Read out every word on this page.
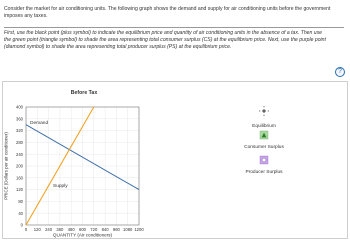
Consider the market for air conditioning units. The following graph shows the demand and supply for air conditioning units before the government imposes any taxes.
First, use the black point (plus symbol) to indicate the equilibrium price and quantity of air conditioning units in the absence of a tax. Then use the green point (triangle symbol) to shade the area representing total consumer surplus (CS) at the equilibrium price. Next, use the purple point (diamond symbol) to shade the area representing total producer surplus (PS) at the equilibrium price.
?
Before Tax
0
40
80
120
160
200
240
280
320
360
400
0 120 240 360 480 600 720 840 960 1080 1200
Demand
Supply
QUANTITY (Air conditioners)
PRICE (Dollars per air conditioner)
Equilibrium
Consumer Surplus
Producer Surplus
